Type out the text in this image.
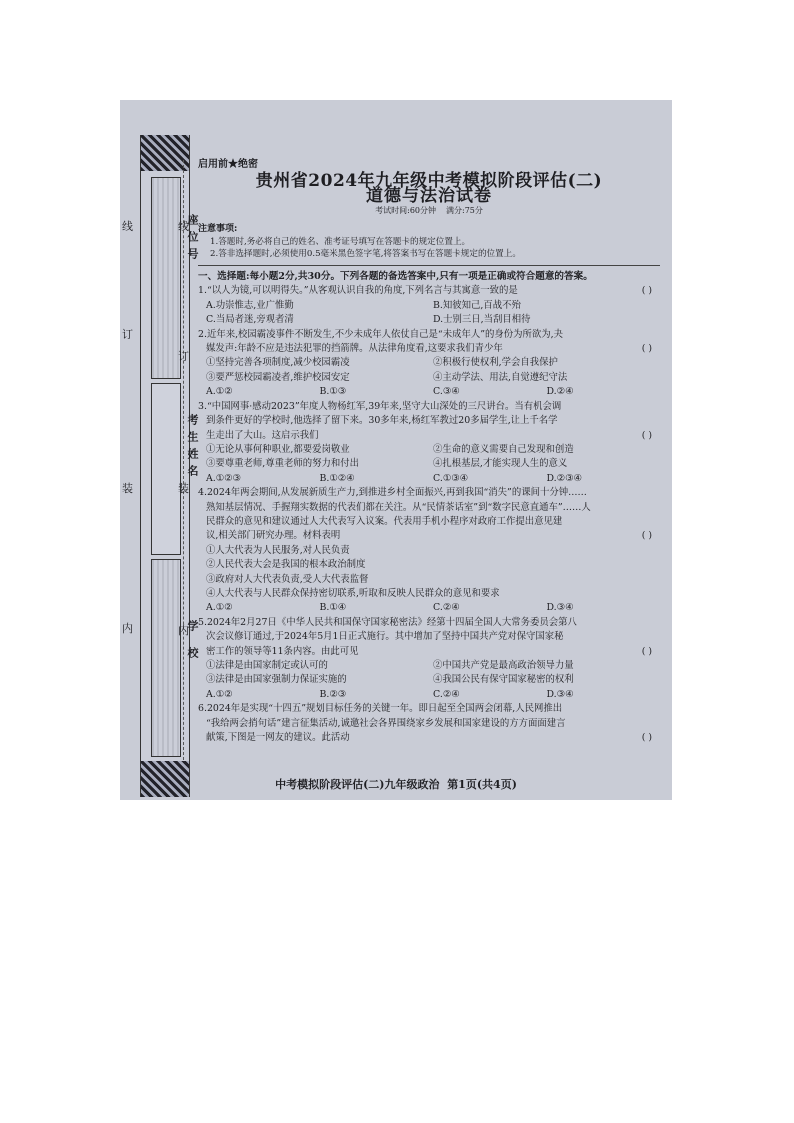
座位号
考生姓名
学 校
线
订
装
内
线
订
装
内
启用前★绝密
贵州省2024年九年级中考模拟阶段评估(二)
道德与法治试卷
考试时间:60分钟 满分:75分
注意事项:
1.答题时,务必将自己的姓名、准考证号填写在答题卡的规定位置上。
2.答非选择题时,必须使用0.5毫米黑色签字笔,将答案书写在答题卡规定的位置上。
一、选择题:每小题2分,共30分。下列各题的备选答案中,只有一项是正确或符合题意的答案。
( )
1.“以人为镜,可以明得失。”从客观认识自我的角度,下列名言与其寓意一致的是
A.功崇惟志,业广惟勤	B.知彼知己,百战不殆
C.当局者迷,旁观者清	D.士别三日,当刮目相待
2.近年来,校园霸凌事件不断发生,不少未成年人依仗自己是“未成年人”的身份为所欲为,夬
( )
媒发声:年龄不应是违法犯罪的挡箭牌。从法律角度看,这要求我们青少年
①坚持完善各项制度,减少校园霸凌	②积极行使权利,学会自我保护
③要严惩校园霸凌者,维护校园安定	④主动学法、用法,自觉遵纪守法
A.①②	B.①③	C.③④	D.②④
3.“中国网事·感动2023”年度人物杨红军,39年来,坚守大山深处的三尺讲台。当有机会调
到条件更好的学校时,他选择了留下来。30多年来,杨红军教过20多届学生,让上千名学
( )
生走出了大山。这启示我们
①无论从事何种职业,都要爱岗敬业	②生命的意义需要自己发现和创造
③要尊重老师,尊重老师的努力和付出	④扎根基层,才能实现人生的意义
A.①②③	B.①②④	C.①③④	D.②③④
4.2024年两会期间,从发展新质生产力,到推进乡村全面振兴,再到我国“消失”的课间十分钟……
熟知基层情况、手握翔实数据的代表们都在关注。从“民情茶话室”到“数字民意直通车”……人
民群众的意见和建议通过人大代表写入议案。代表用手机小程序对政府工作提出意见建
( )
议,相关部门研究办理。材料表明
①人大代表为人民服务,对人民负责
②人民代表大会是我国的根本政治制度
③政府对人大代表负责,受人大代表监督
④人大代表与人民群众保持密切联系,听取和反映人民群众的意见和要求
A.①②	B.①④	C.②④	D.③④
5.2024年2月27日《中华人民共和国保守国家秘密法》经第十四届全国人大常务委员会第八
次会议修订通过,于2024年5月1日正式施行。其中增加了坚持中国共产党对保守国家秘
( )
密工作的领导等11条内容。由此可见
①法律是由国家制定或认可的	②中国共产党是最高政治领导力量
③法律是由国家强制力保证实施的	④我国公民有保守国家秘密的权利
A.①②	B.②③	C.②④	D.③④
6.2024年是实现“十四五”规划目标任务的关键一年。即日起至全国两会闭幕,人民网推出
“我给两会捎句话”建言征集活动,诚邀社会各界围绕家乡发展和国家建设的方方面面建言
( )
献策,下图是一网友的建议。此活动
中考模拟阶段评估(二)九年级政治 第1页(共4页)
